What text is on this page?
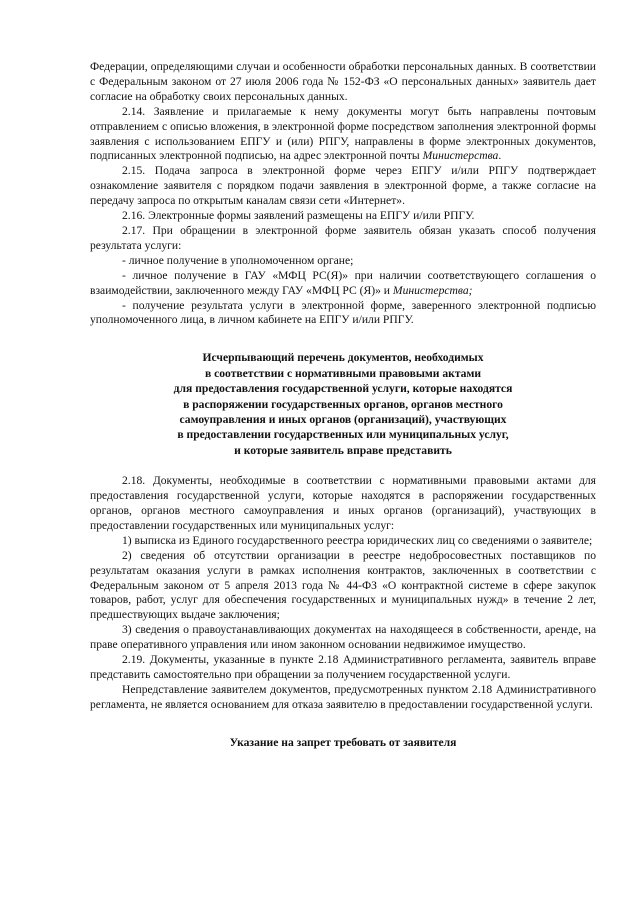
Федерации, определяющими случаи и особенности обработки персональных данных. В соответствии с Федеральным законом от 27 июля 2006 года № 152-ФЗ «О персональных данных» заявитель дает согласие на обработку своих персональных данных.

2.14. Заявление и прилагаемые к нему документы могут быть направлены почтовым отправлением с описью вложения, в электронной форме посредством заполнения электронной формы заявления с использованием ЕПГУ и (или) РПГУ, направлены в форме электронных документов, подписанных электронной подписью, на адрес электронной почты Министерства.

2.15. Подача запроса в электронной форме через ЕПГУ и/или РПГУ подтверждает ознакомление заявителя с порядком подачи заявления в электронной форме, а также согласие на передачу запроса по открытым каналам связи сети «Интернет».

2.16. Электронные формы заявлений размещены на ЕПГУ и/или РПГУ.

2.17. При обращении в электронной форме заявитель обязан указать способ получения результата услуги:

- личное получение в уполномоченном органе;

- личное получение в ГАУ «МФЦ РС(Я)» при наличии соответствующего соглашения о взаимодействии, заключенного между ГАУ «МФЦ РС (Я)» и Министерства;

- получение результата услуги в электронной форме, заверенного электронной подписью уполномоченного лица, в личном кабинете на ЕПГУ и/или РПГУ.

Исчерпывающий перечень документов, необходимых

в соответствии с нормативными правовыми актами

для предоставления государственной услуги, которые находятся

в распоряжении государственных органов, органов местного

самоуправления и иных органов (организаций), участвующих

в предоставлении государственных или муниципальных услуг,

и которые заявитель вправе представить

2.18. Документы, необходимые в соответствии с нормативными правовыми актами для предоставления государственной услуги, которые находятся в распоряжении государственных органов, органов местного самоуправления и иных органов (организаций), участвующих в предоставлении государственных или муниципальных услуг:

1) выписка из Единого государственного реестра юридических лиц со сведениями о заявителе;

2) сведения об отсутствии организации в реестре недобросовестных поставщиков по результатам оказания услуги в рамках исполнения контрактов, заключенных в соответствии с Федеральным законом от 5 апреля 2013 года № 44-ФЗ «О контрактной системе в сфере закупок товаров, работ, услуг для обеспечения государственных и муниципальных нужд» в течение 2 лет, предшествующих выдаче заключения;

3) сведения о правоустанавливающих документах на находящееся в собственности, аренде, на праве оперативного управления или ином законном основании недвижимое имущество.

2.19. Документы, указанные в пункте 2.18 Административного регламента, заявитель вправе представить самостоятельно при обращении за получением государственной услуги.

Непредставление заявителем документов, предусмотренных пунктом 2.18 Административного регламента, не является основанием для отказа заявителю в предоставлении государственной услуги.

Указание на запрет требовать от заявителя
